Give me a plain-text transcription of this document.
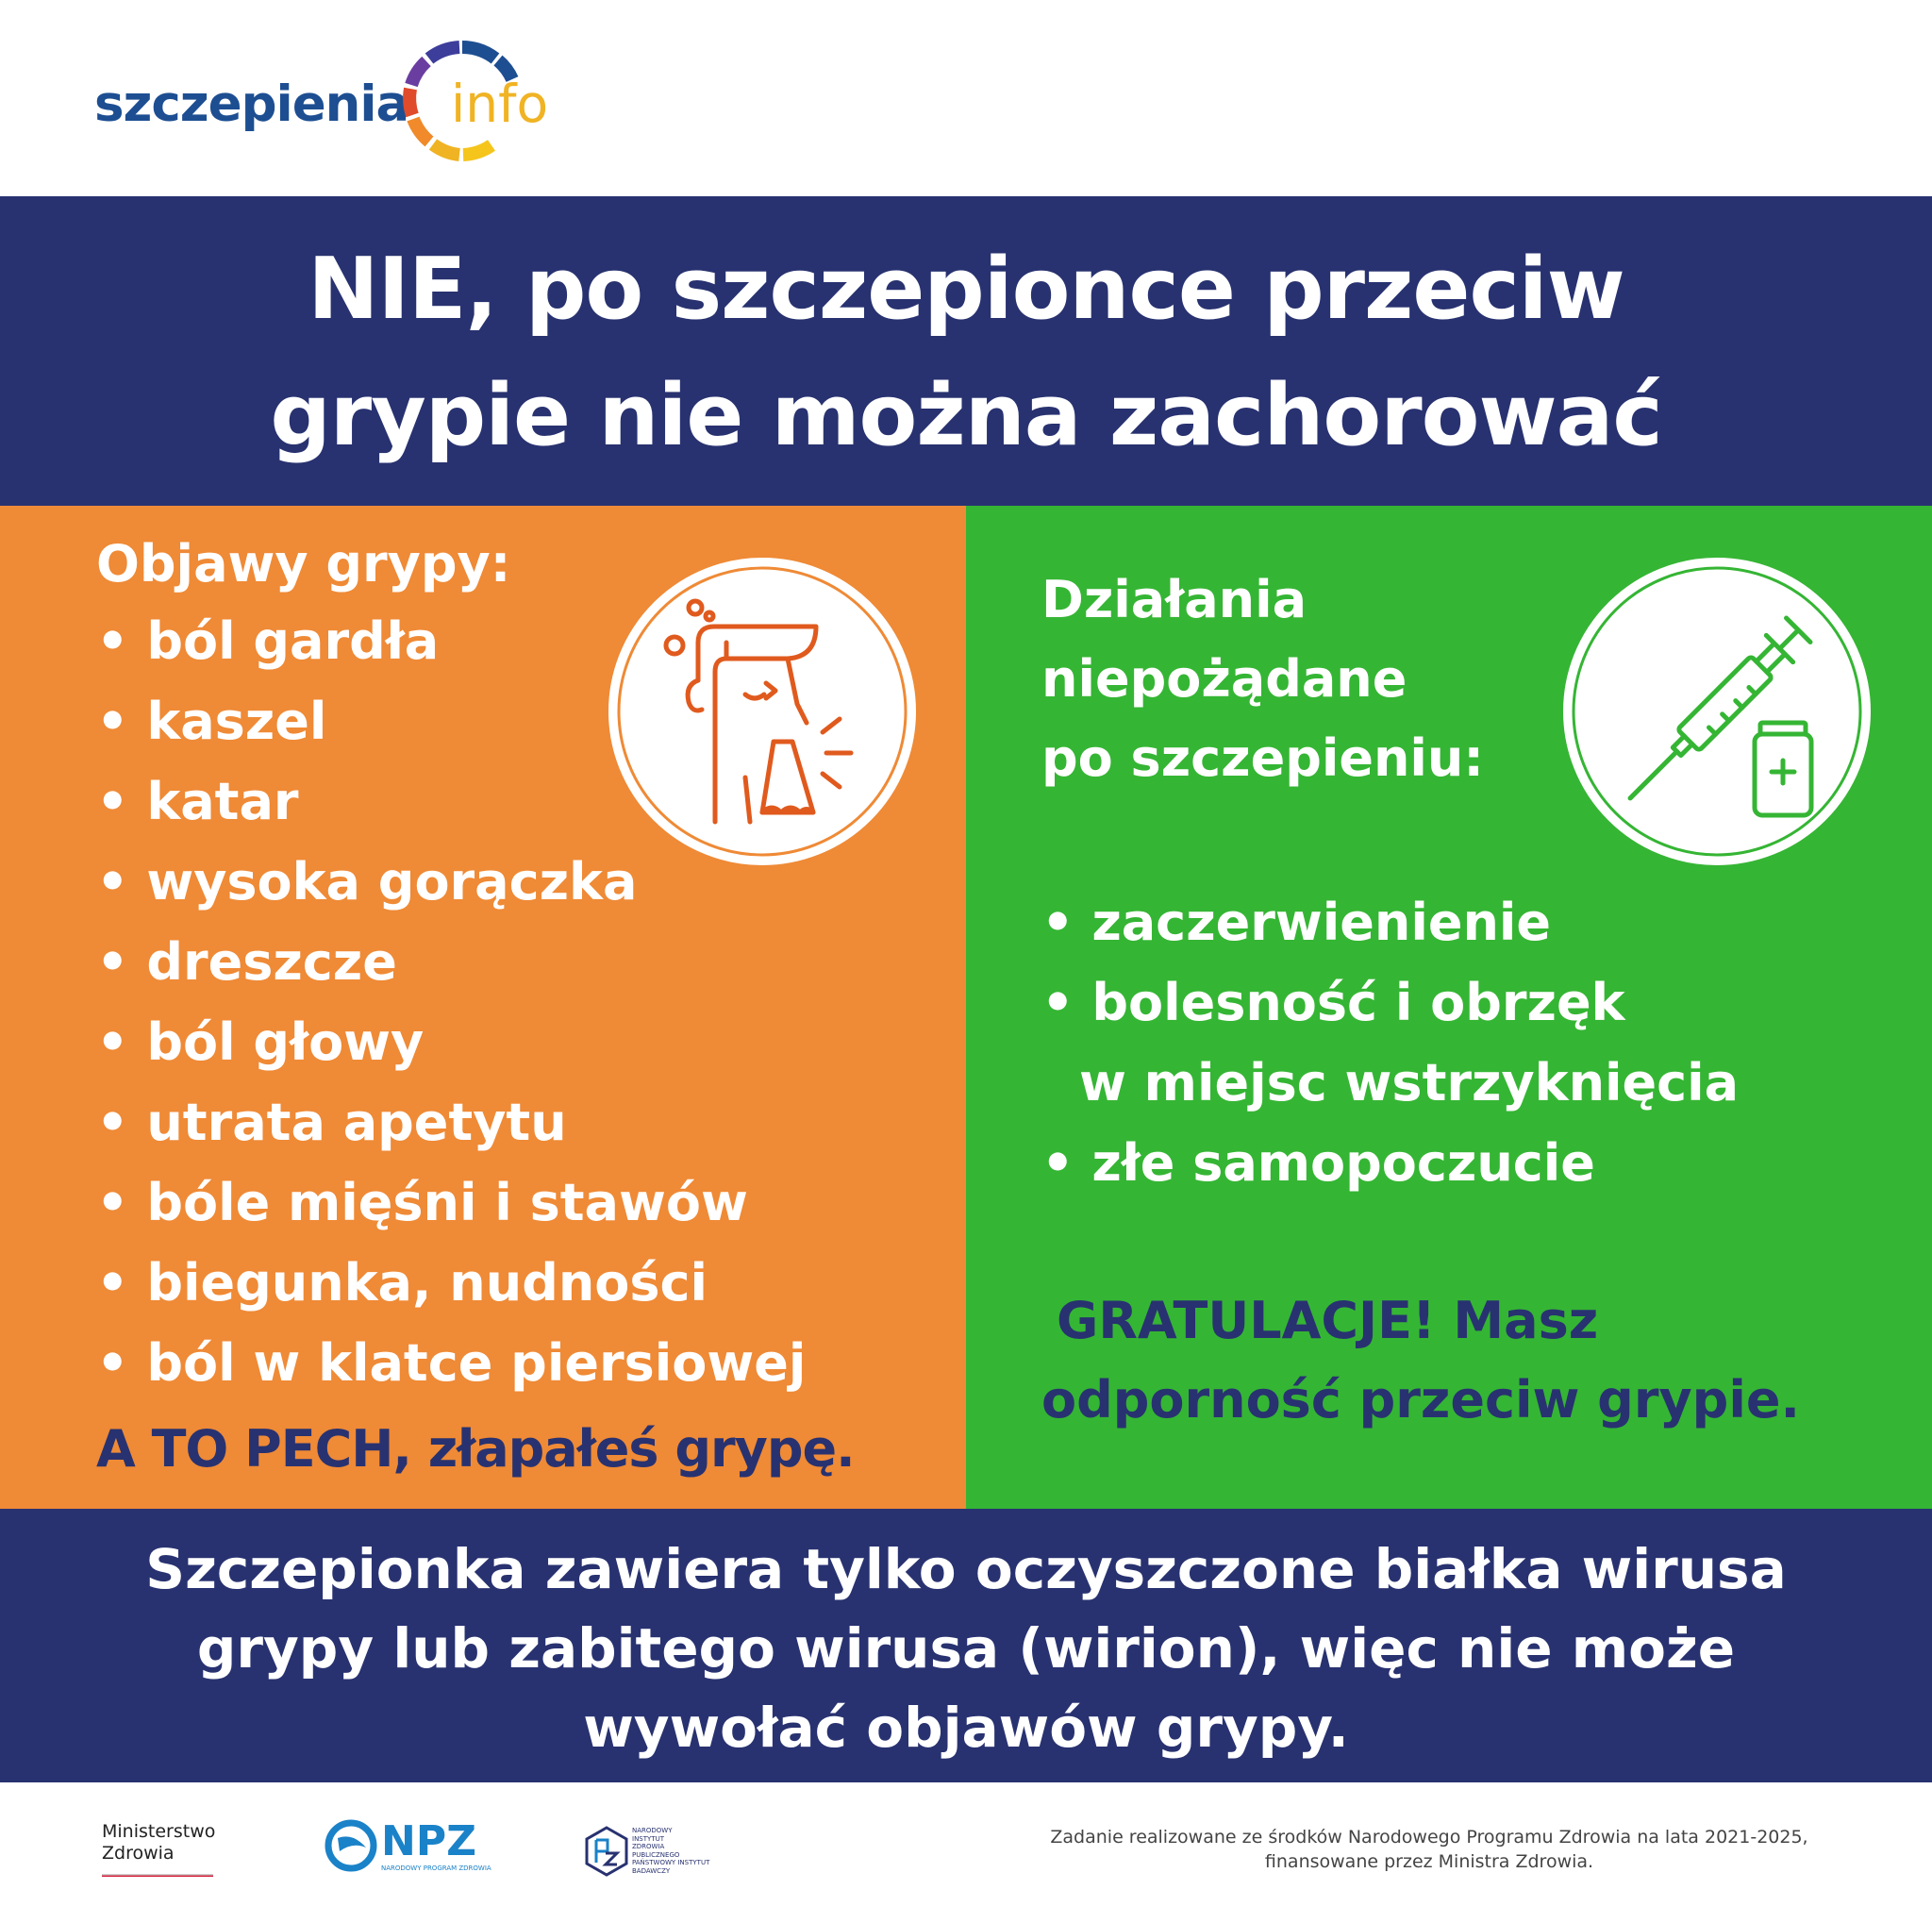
szczepienia info
NIE, po szczepionce przeciw
grypie nie można zachorować
Objawy grypy:
• ból gardła
• kaszel
• katar
• wysoka gorączka
• dreszcze
• ból głowy
• utrata apetytu
• bóle mięśni i stawów
• biegunka, nudności
• ból w klatce piersiowej
A TO PECH, złapałeś grypę.
Działania
niepożądane
po szczepieniu:
• zaczerwienienie
• bolesność i obrzęk
w miejsc wstrzyknięcia
• złe samopoczucie
GRATULACJE! Masz
odporność przeciw grypie.
Szczepionka zawiera tylko oczyszczone białka wirusa
grypy lub zabitego wirusa (wirion), więc nie może
wywołać objawów grypy.
Ministerstwo
Zdrowia	NPZ
NARODOWY PROGRAM ZDROWIA
NARODOWY
INSTYTUT
ZDROWIA
PUBLICZNEGO
PAŃSTWOWY INSTYTUT
BADAWCZY
Zadanie realizowane ze środków Narodowego Programu Zdrowia na lata 2021-2025,
finansowane przez Ministra Zdrowia.
